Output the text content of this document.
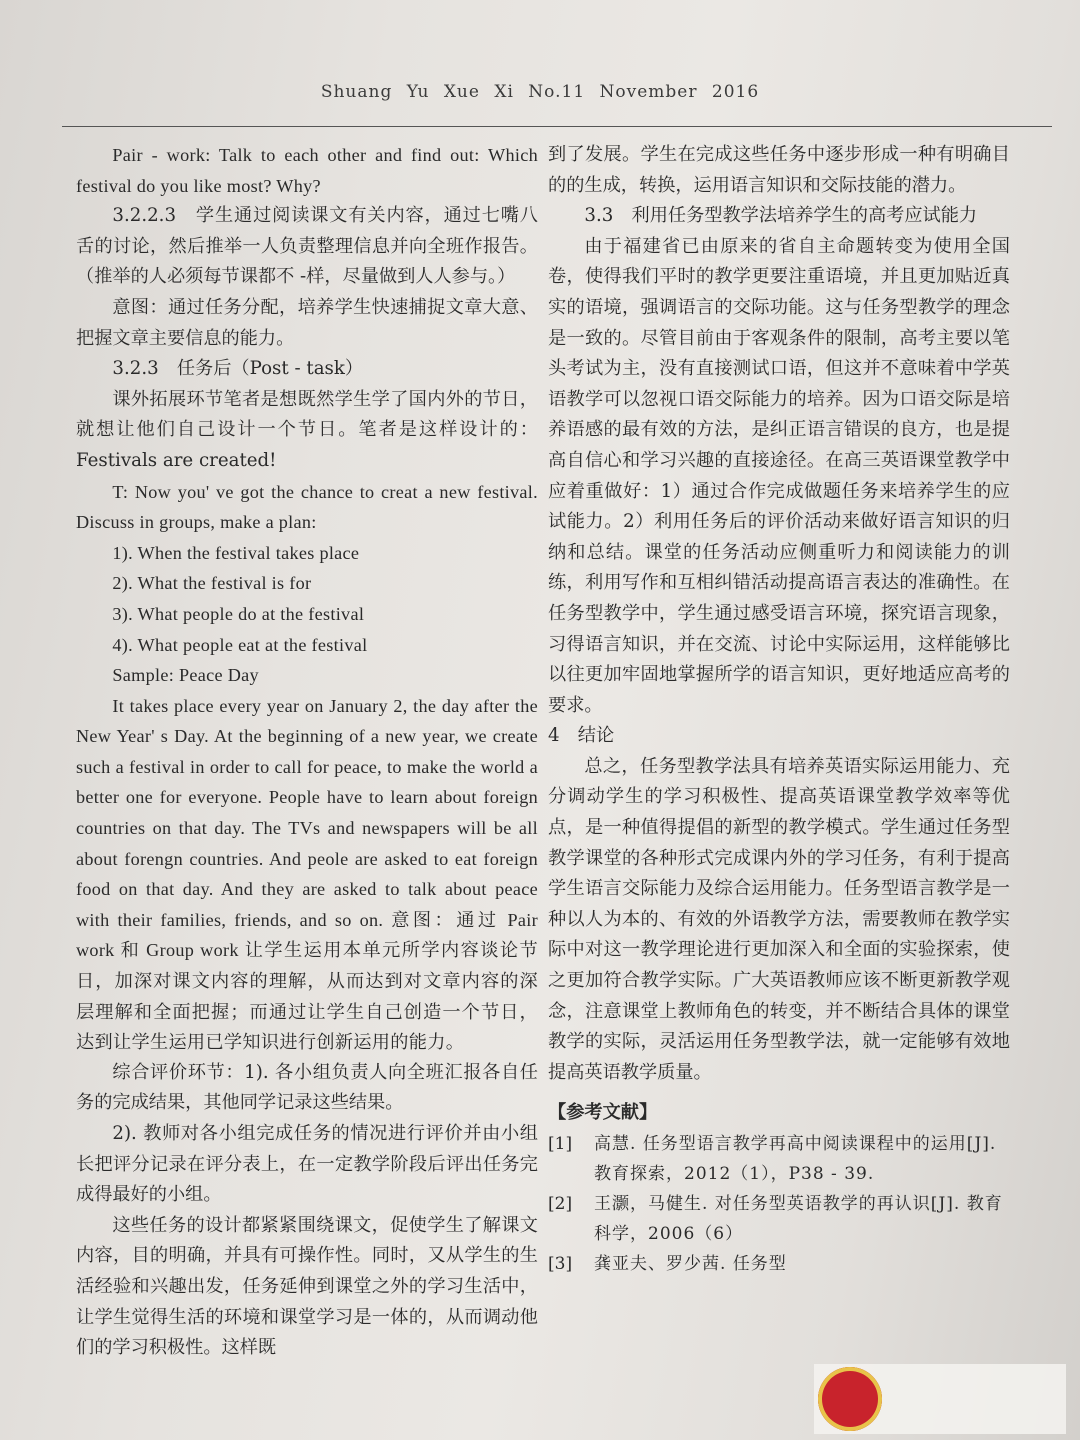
Shuang Yu Xue Xi No.11 November 2016

Pair - work: Talk to each other and find out: Which festival do you like most? Why?

3.2.2.3　学生通过阅读课文有关内容，通过七嘴八舌的讨论，然后推举一人负责整理信息并向全班作报告。（推举的人必须每节课都不 -样，尽量做到人人参与。）

意图：通过任务分配，培养学生快速捕捉文章大意、把握文章主要信息的能力。

3.2.3　任务后（Post - task）

课外拓展环节笔者是想既然学生学了国内外的节日，就想让他们自己设计一个节日。笔者是这样设计的：Festivals are created!

T: Now you' ve got the chance to creat a new festival. Discuss in groups, make a plan:

1). When the festival takes place

2). What the festival is for

3). What people do at the festival

4). What people eat at the festival

Sample: Peace Day

It takes place every year on January 2, the day after the New Year' s Day. At the beginning of a new year, we create such a festival in order to call for peace, to make the world a better one for everyone. People have to learn about foreign countries on that day. The TVs and newspapers will be all about forengn countries. And peole are asked to eat foreign food on that day. And they are asked to talk about peace with their families, friends, and so on. 意图：通过 Pair work 和 Group work 让学生运用本单元所学内容谈论节日，加深对课文内容的理解，从而达到对文章内容的深层理解和全面把握；而通过让学生自己创造一个节日，达到让学生运用已学知识进行创新运用的能力。

综合评价环节：1). 各小组负责人向全班汇报各自任务的完成结果，其他同学记录这些结果。

2). 教师对各小组完成任务的情况进行评价并由小组长把评分记录在评分表上，在一定教学阶段后评出任务完成得最好的小组。

这些任务的设计都紧紧围绕课文，促使学生了解课文内容，目的明确，并具有可操作性。同时，又从学生的生活经验和兴趣出发，任务延伸到课堂之外的学习生活中，让学生觉得生活的环境和课堂学习是一体的，从而调动他们的学习积极性。这样既

到了发展。学生在完成这些任务中逐步形成一种有明确目的的生成，转换，运用语言知识和交际技能的潜力。

3.3　利用任务型教学法培养学生的高考应试能力

由于福建省已由原来的省自主命题转变为使用全国卷，使得我们平时的教学更要注重语境，并且更加贴近真实的语境，强调语言的交际功能。这与任务型教学的理念是一致的。尽管目前由于客观条件的限制，高考主要以笔头考试为主，没有直接测试口语，但这并不意味着中学英语教学可以忽视口语交际能力的培养。因为口语交际是培养语感的最有效的方法，是纠正语言错误的良方，也是提高自信心和学习兴趣的直接途径。在高三英语课堂教学中应着重做好：1）通过合作完成做题任务来培养学生的应试能力。2）利用任务后的评价活动来做好语言知识的归纳和总结。课堂的任务活动应侧重听力和阅读能力的训练，利用写作和互相纠错活动提高语言表达的准确性。在任务型教学中，学生通过感受语言环境，探究语言现象，习得语言知识，并在交流、讨论中实际运用，这样能够比以往更加牢固地掌握所学的语言知识，更好地适应高考的要求。

4　结论

总之，任务型教学法具有培养英语实际运用能力、充分调动学生的学习积极性、提高英语课堂教学效率等优点，是一种值得提倡的新型的教学模式。学生通过任务型教学课堂的各种形式完成课内外的学习任务，有利于提高学生语言交际能力及综合运用能力。任务型语言教学是一种以人为本的、有效的外语教学方法，需要教师在教学实际中对这一教学理论进行更加深入和全面的实验探索，使之更加符合教学实际。广大英语教师应该不断更新教学观念，注意课堂上教师角色的转变，并不断结合具体的课堂教学的实际，灵活运用任务型教学法，就一定能够有效地提高英语教学质量。

【参考文献】

[1]	高慧. 任务型语言教学再高中阅读课程中的运用[J]. 教育探索，2012（1），P38 - 39.
[2]	王灏，马健生. 对任务型英语教学的再认识[J]. 教育科学，2006（6）
[3]	龚亚夫、罗少茜. 任务型
